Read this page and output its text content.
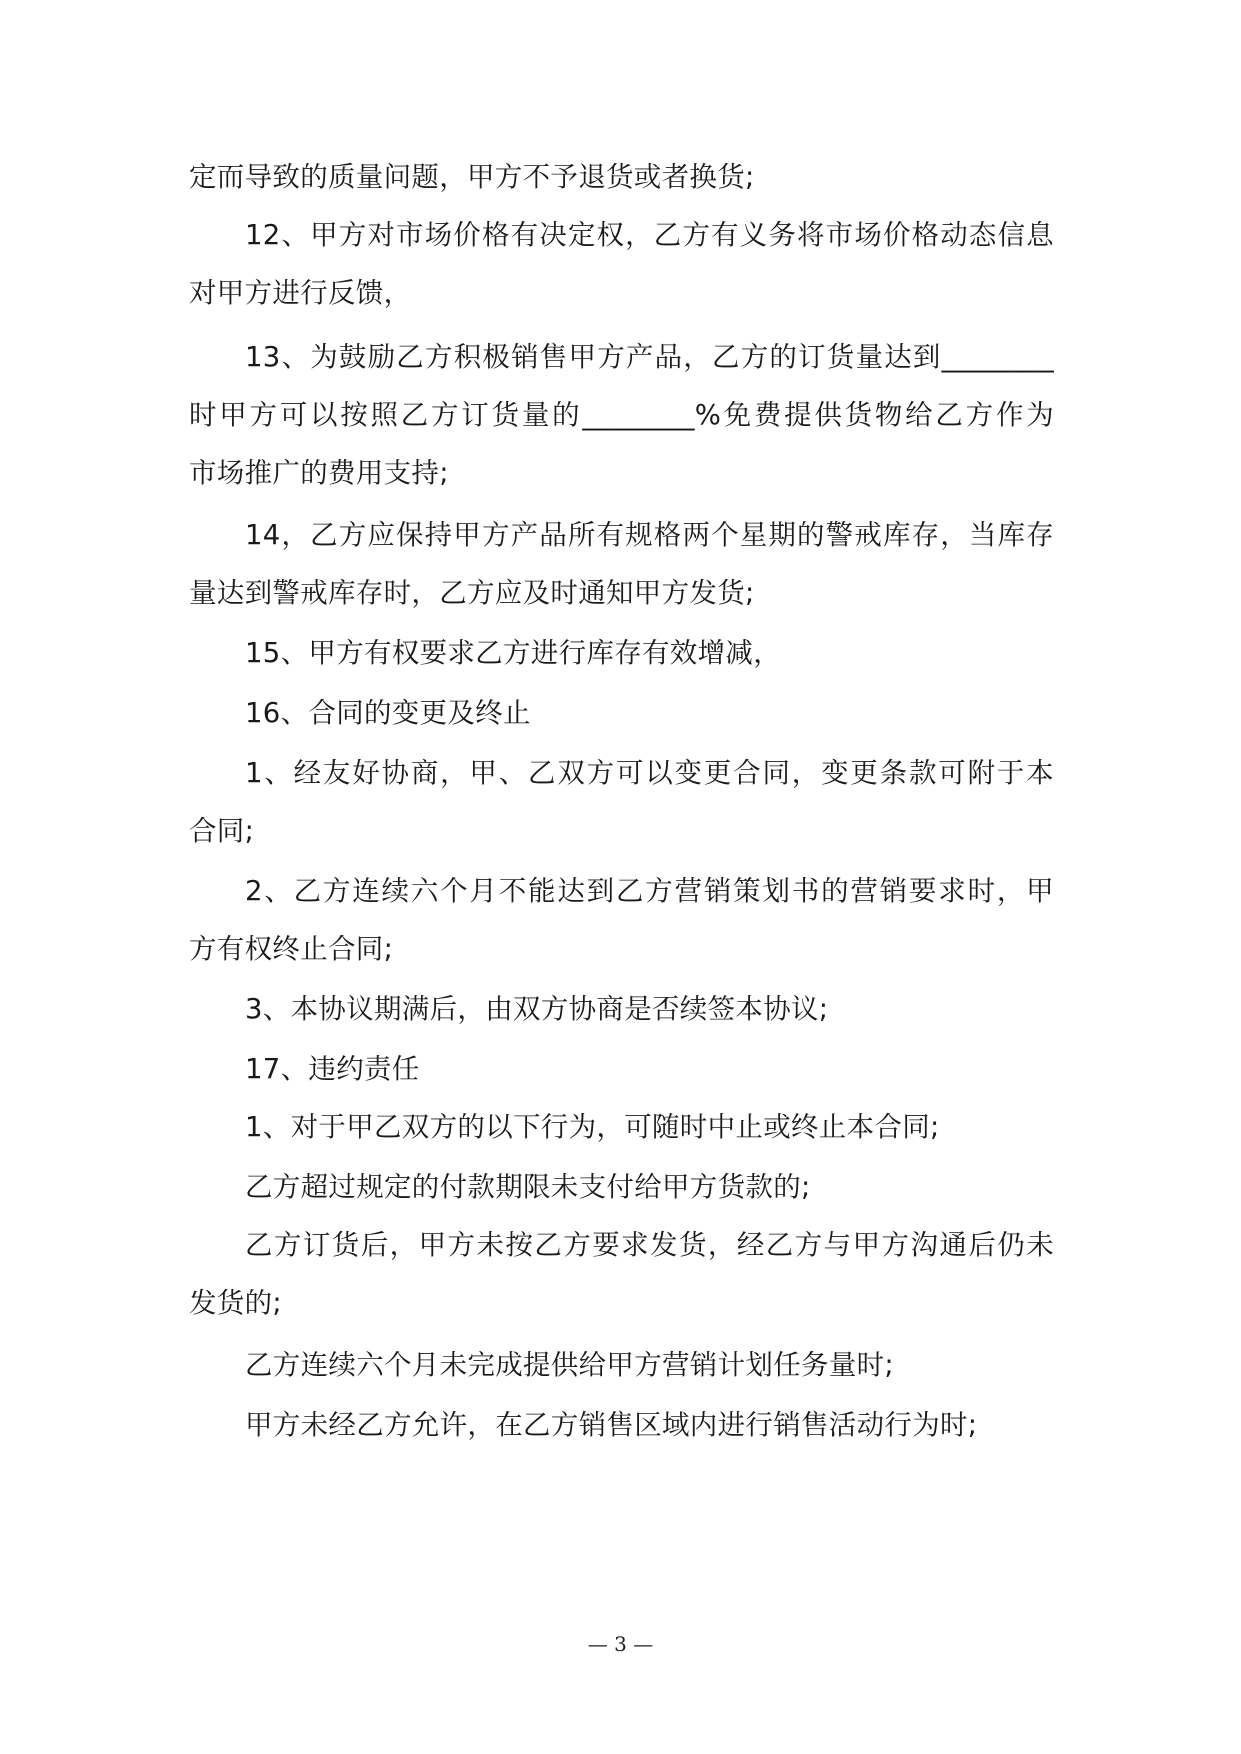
定而导致的质量问题，甲方不予退货或者换货;
12、甲方对市场价格有决定权，乙方有义务将市场价格动态信息
对甲方进行反馈，
13、为鼓励乙方积极销售甲方产品，乙方的订货量达到________
时甲方可以按照乙方订货量的________%免费提供货物给乙方作为
市场推广的费用支持;
14，乙方应保持甲方产品所有规格两个星期的警戒库存，当库存
量达到警戒库存时，乙方应及时通知甲方发货;
15、甲方有权要求乙方进行库存有效增减，
16、合同的变更及终止
1、经友好协商，甲、乙双方可以变更合同，变更条款可附于本
合同;
2、乙方连续六个月不能达到乙方营销策划书的营销要求时，甲
方有权终止合同;
3、本协议期满后，由双方协商是否续签本协议;
17、违约责任
1、对于甲乙双方的以下行为，可随时中止或终止本合同;
乙方超过规定的付款期限未支付给甲方货款的;
乙方订货后，甲方未按乙方要求发货，经乙方与甲方沟通后仍未
发货的;
乙方连续六个月未完成提供给甲方营销计划任务量时;
甲方未经乙方允许，在乙方销售区域内进行销售活动行为时;
— 3 —
